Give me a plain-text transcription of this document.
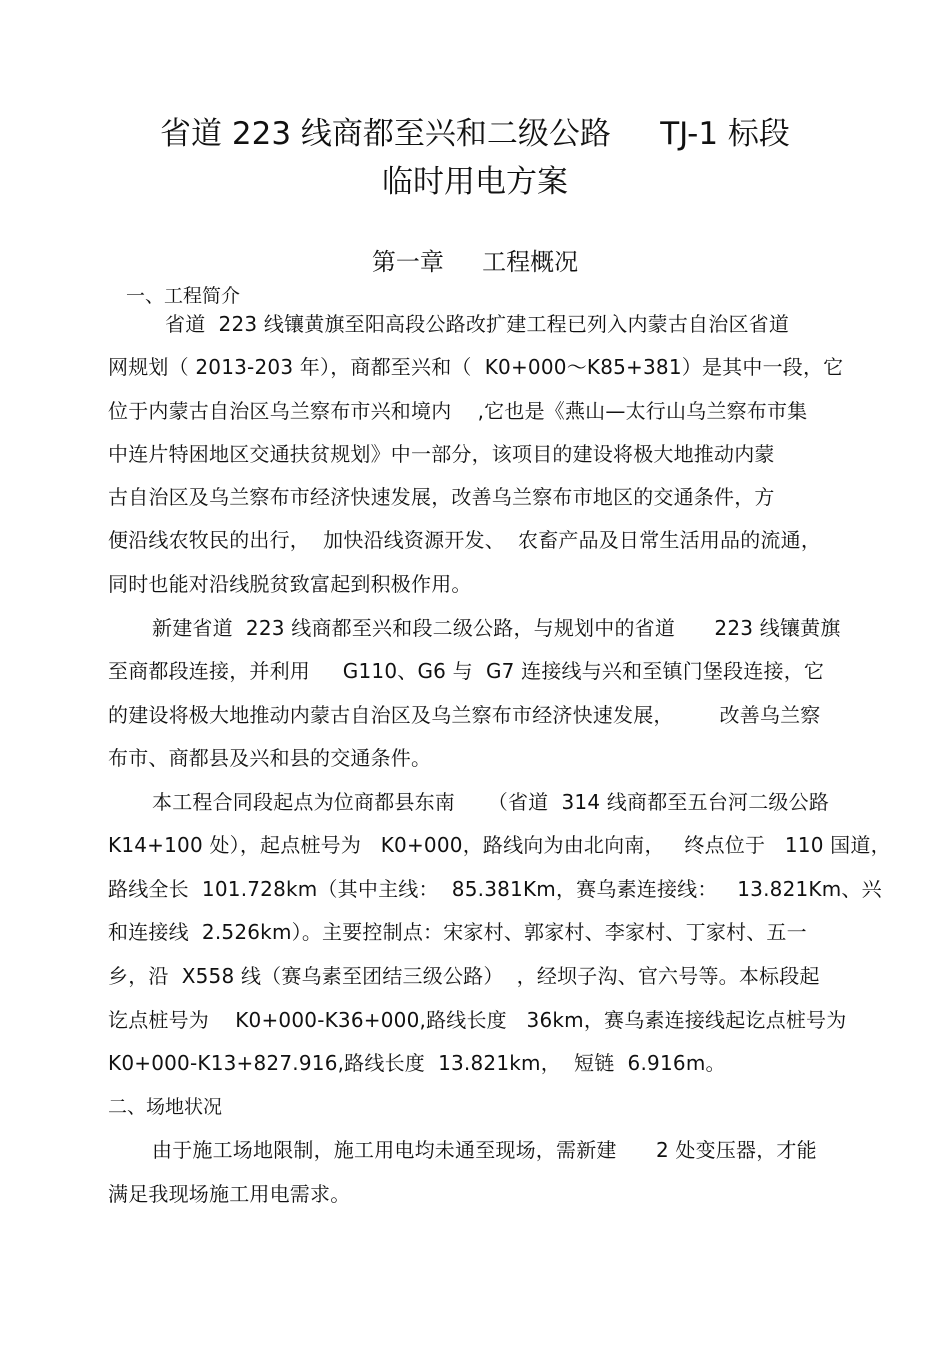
省道 223 线商都至兴和二级公路     TJ-1 标段
临时用电方案
第一章     工程概况
一、工程简介
省道  223 线镶黄旗至阳高段公路改扩建工程已列入内蒙古自治区省道
网规划（ 2013-203 年），商都至兴和（  K0+000～K85+381）是其中一段，它
位于内蒙古自治区乌兰察布市兴和境内    ,它也是《燕山—太行山乌兰察布市集
中连片特困地区交通扶贫规划》中一部分，该项目的建设将极大地推动内蒙
古自治区及乌兰察布市经济快速发展，改善乌兰察布市地区的交通条件，方
便沿线农牧民的出行，  加快沿线资源开发、  农畜产品及日常生活用品的流通，
同时也能对沿线脱贫致富起到积极作用。
新建省道  223 线商都至兴和段二级公路，与规划中的省道      223 线镶黄旗
至商都段连接，并利用     G110、G6 与  G7 连接线与兴和至镇门堡段连接，它
的建设将极大地推动内蒙古自治区及乌兰察布市经济快速发展，       改善乌兰察
布市、商都县及兴和县的交通条件。
本工程合同段起点为位商都县东南     （省道  314 线商都至五台河二级公路
K14+100 处），起点桩号为   K0+000，路线向为由北向南，   终点位于   110 国道，
路线全长  101.728km（其中主线：  85.381Km，赛乌素连接线：   13.821Km、兴
和连接线  2.526km）。主要控制点：宋家村、郭家村、李家村、丁家村、五一
乡，沿  X558 线（赛乌素至团结三级公路）  ，经坝子沟、官六号等。本标段起
讫点桩号为    K0+000-K36+000,路线长度   36km，赛乌素连接线起讫点桩号为
K0+000-K13+827.916,路线长度  13.821km，  短链  6.916m。
二、场地状况
由于施工场地限制，施工用电均未通至现场，需新建      2 处变压器，才能
满足我现场施工用电需求。
